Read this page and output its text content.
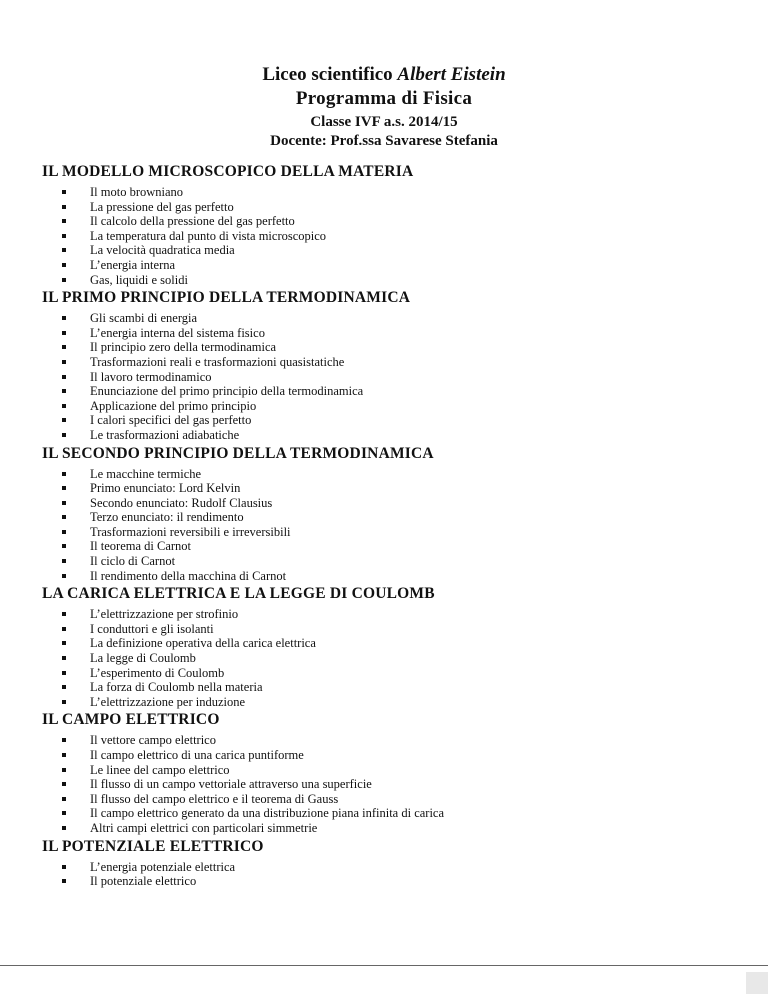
Liceo scientifico Albert Eistein
Programma di Fisica
Classe IVF a.s. 2014/15
Docente: Prof.ssa Savarese Stefania
IL MODELLO MICROSCOPICO DELLA MATERIA
Il moto browniano
La pressione del gas perfetto
Il calcolo della pressione del gas perfetto
La temperatura dal punto di vista microscopico
La velocità quadratica media
L’energia interna
Gas, liquidi e solidi
IL PRIMO PRINCIPIO DELLA TERMODINAMICA
Gli scambi di energia
L’energia interna del sistema fisico
Il principio zero della termodinamica
Trasformazioni reali e trasformazioni quasistatiche
Il lavoro termodinamico
Enunciazione del primo principio della termodinamica
Applicazione del primo principio
I calori specifici del gas perfetto
Le trasformazioni adiabatiche
IL SECONDO PRINCIPIO DELLA TERMODINAMICA
Le macchine termiche
Primo enunciato: Lord Kelvin
Secondo enunciato: Rudolf Clausius
Terzo enunciato: il rendimento
Trasformazioni reversibili e irreversibili
Il teorema di Carnot
Il ciclo di Carnot
Il rendimento della macchina di Carnot
LA CARICA ELETTRICA E LA LEGGE DI COULOMB
L’elettrizzazione per strofinio
I conduttori e gli isolanti
La definizione operativa della carica elettrica
La legge di Coulomb
L’esperimento di Coulomb
La forza di Coulomb nella materia
L’elettrizzazione per induzione
IL CAMPO ELETTRICO
Il vettore campo elettrico
Il campo elettrico di una carica puntiforme
Le linee del campo elettrico
Il flusso di un campo vettoriale attraverso una superficie
Il flusso del campo elettrico e il teorema di Gauss
Il campo elettrico generato da una distribuzione piana infinita di carica
Altri campi elettrici con particolari simmetrie
IL POTENZIALE ELETTRICO
L’energia potenziale elettrica
Il potenziale elettrico
